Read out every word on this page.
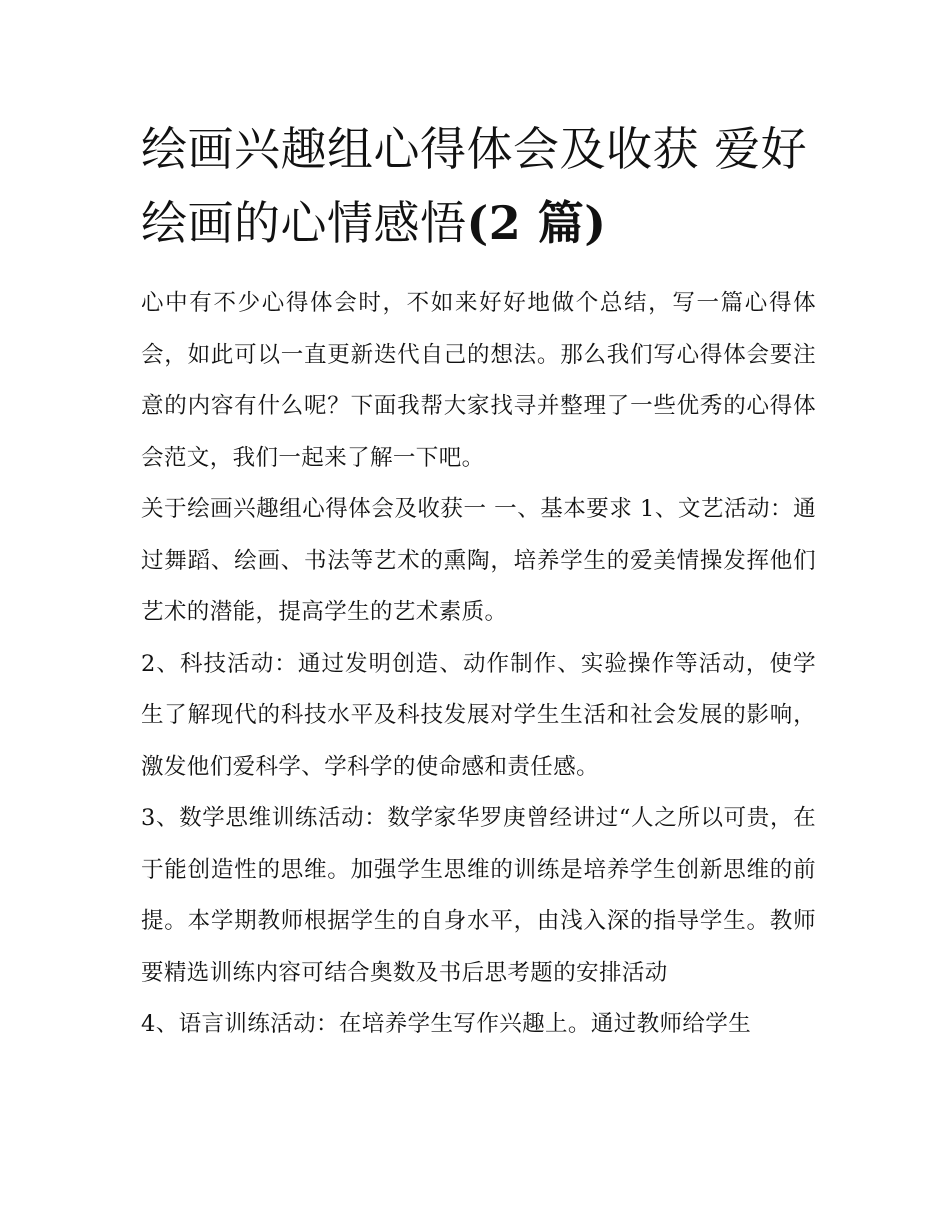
绘画兴趣组心得体会及收获 爱好绘画的心情感悟(2 篇)

心中有不少心得体会时，不如来好好地做个总结，写一篇心得体会，如此可以一直更新迭代自己的想法。那么我们写心得体会要注意的内容有什么呢？下面我帮大家找寻并整理了一些优秀的心得体会范文，我们一起来了解一下吧。

关于绘画兴趣组心得体会及收获一 一、基本要求 1、文艺活动：通过舞蹈、绘画、书法等艺术的熏陶，培养学生的爱美情操发挥他们艺术的潜能，提高学生的艺术素质。

2、科技活动：通过发明创造、动作制作、实验操作等活动，使学生了解现代的科技水平及科技发展对学生生活和社会发展的影响，激发他们爱科学、学科学的使命感和责任感。

3、数学思维训练活动：数学家华罗庚曾经讲过“人之所以可贵，在于能创造性的思维。加强学生思维的训练是培养学生创新思维的前提。本学期教师根据学生的自身水平，由浅入深的指导学生。教师要精选训练内容可结合奥数及书后思考题的安排活动

4、语言训练活动：在培养学生写作兴趣上。通过教师给学生
